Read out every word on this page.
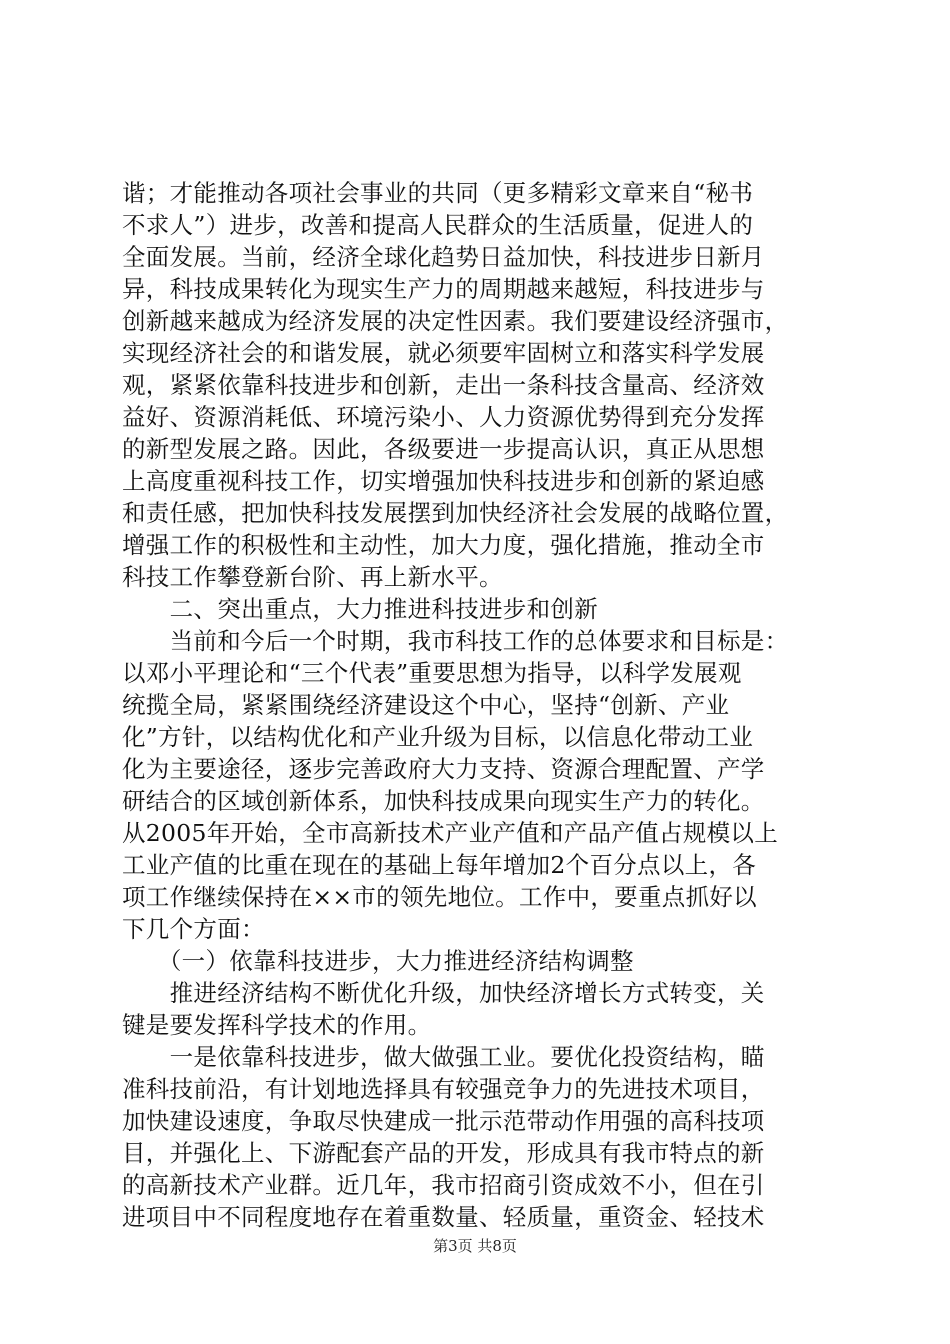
谐；才能推动各项社会事业的共同（更多精彩文章来自“秘书
不求人”）进步，改善和提高人民群众的生活质量，促进人的
全面发展。当前，经济全球化趋势日益加快，科技进步日新月
异，科技成果转化为现实生产力的周期越来越短，科技进步与
创新越来越成为经济发展的决定性因素。我们要建设经济强市，
实现经济社会的和谐发展，就必须要牢固树立和落实科学发展
观，紧紧依靠科技进步和创新，走出一条科技含量高、经济效
益好、资源消耗低、环境污染小、人力资源优势得到充分发挥
的新型发展之路。因此，各级要进一步提高认识，真正从思想
上高度重视科技工作，切实增强加快科技进步和创新的紧迫感
和责任感，把加快科技发展摆到加快经济社会发展的战略位置，
增强工作的积极性和主动性，加大力度，强化措施，推动全市
科技工作攀登新台阶、再上新水平。
　　二、突出重点，大力推进科技进步和创新
　　当前和今后一个时期，我市科技工作的总体要求和目标是：
以邓小平理论和“三个代表”重要思想为指导，以科学发展观
统揽全局，紧紧围绕经济建设这个中心，坚持“创新、产业
化”方针，以结构优化和产业升级为目标，以信息化带动工业
化为主要途径，逐步完善政府大力支持、资源合理配置、产学
研结合的区域创新体系，加快科技成果向现实生产力的转化。
从2005年开始，全市高新技术产业产值和产品产值占规模以上
工业产值的比重在现在的基础上每年增加2个百分点以上，各
项工作继续保持在××市的领先地位。工作中，要重点抓好以
下几个方面：
　　（一）依靠科技进步，大力推进经济结构调整
　　推进经济结构不断优化升级，加快经济增长方式转变，关
键是要发挥科学技术的作用。
　　一是依靠科技进步，做大做强工业。要优化投资结构，瞄
准科技前沿，有计划地选择具有较强竞争力的先进技术项目，
加快建设速度，争取尽快建成一批示范带动作用强的高科技项
目，并强化上、下游配套产品的开发，形成具有我市特点的新
的高新技术产业群。近几年，我市招商引资成效不小，但在引
进项目中不同程度地存在着重数量、轻质量，重资金、轻技术
第3页 共8页
